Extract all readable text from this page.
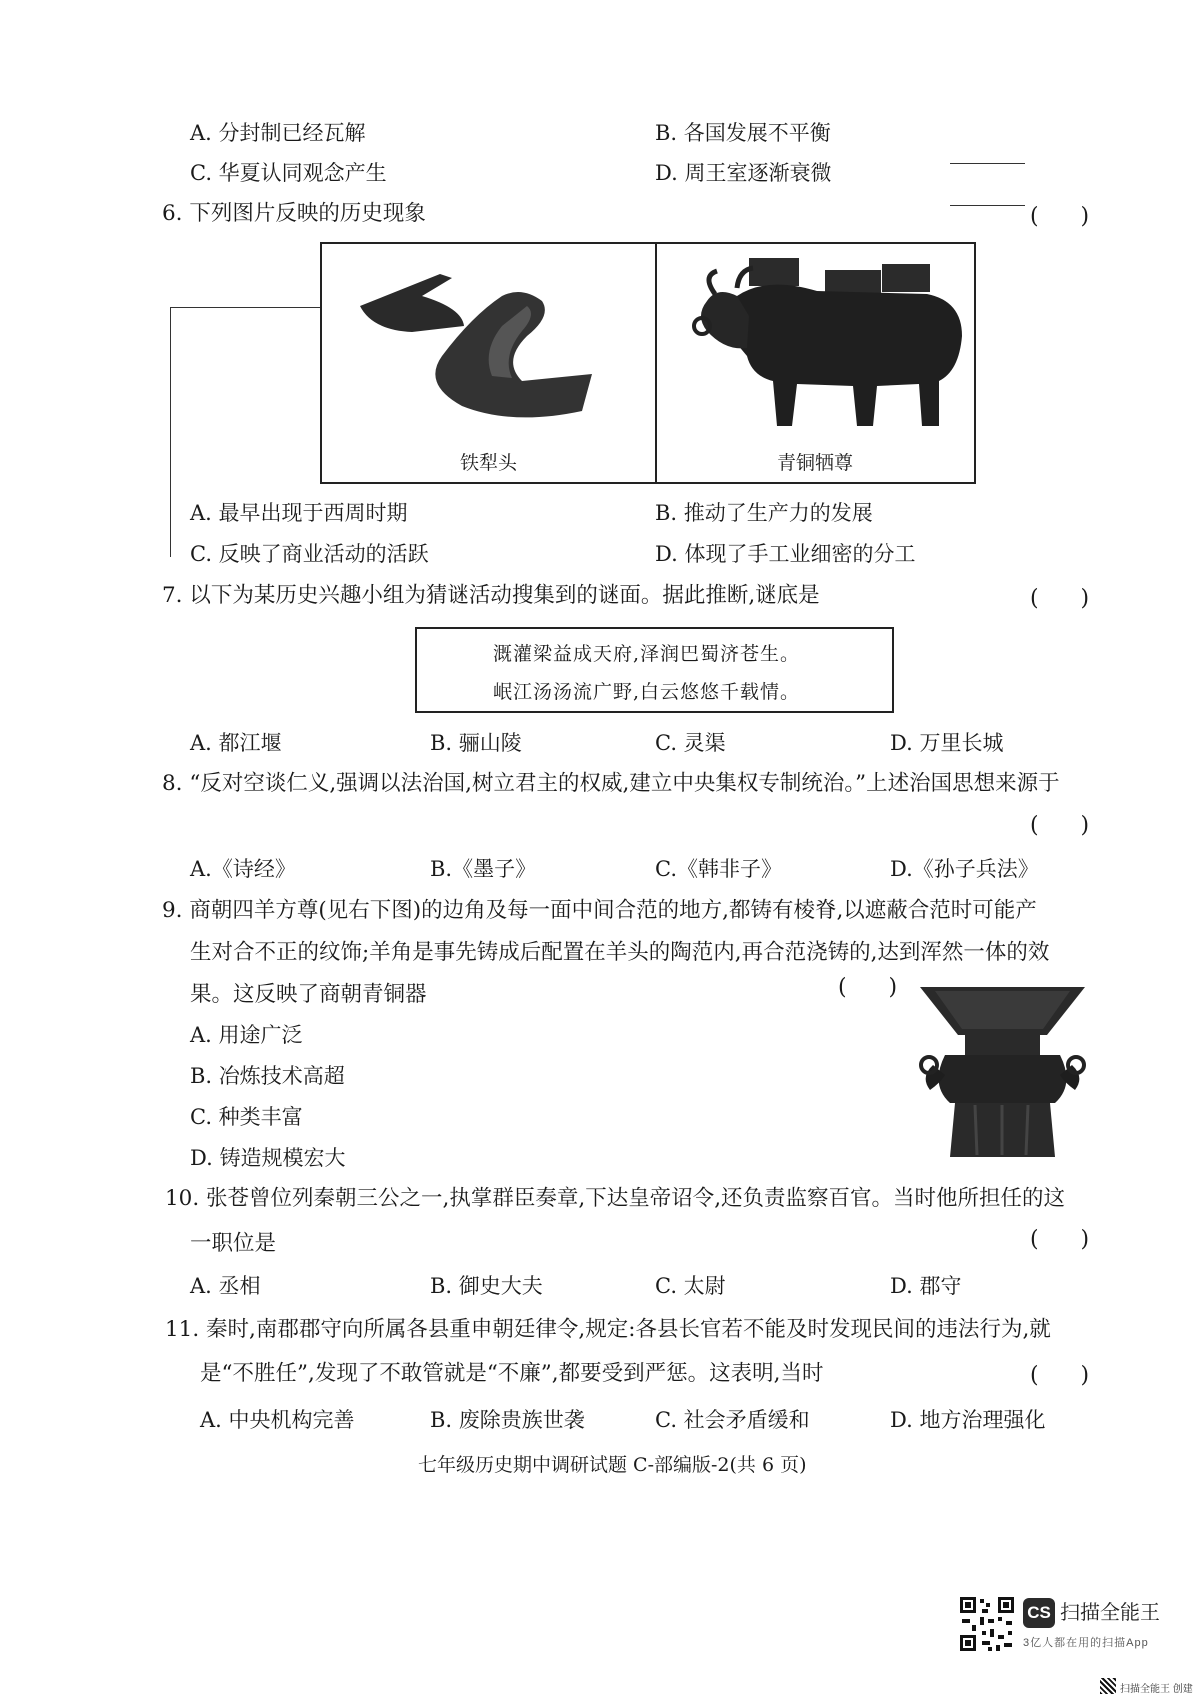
A. 分封制已经瓦解	B. 各国发展不平衡
C. 华夏认同观念产生	D. 周王室逐渐衰微
6. 下列图片反映的历史现象	(      )
铁犁头	青铜牺尊
A. 最早出现于西周时期	B. 推动了生产力的发展
C. 反映了商业活动的活跃	D. 体现了手工业细密的分工
7. 以下为某历史兴趣小组为猜谜活动搜集到的谜面。据此推断,谜底是	(      )
溉灌梁益成天府,泽润巴蜀济苍生。
岷江汤汤流广野,白云悠悠千载情。
A. 都江堰	B. 骊山陵	C. 灵渠	D. 万里长城
8. “反对空谈仁义,强调以法治国,树立君主的权威,建立中央集权专制统治。”上述治国思想来源于
(      )
A.《诗经》	B.《墨子》	C.《韩非子》	D.《孙子兵法》
9. 商朝四羊方尊(见右下图)的边角及每一面中间合范的地方,都铸有棱脊,以遮蔽合范时可能产
生对合不正的纹饰;羊角是事先铸成后配置在羊头的陶范内,再合范浇铸的,达到浑然一体的效
果。这反映了商朝青铜器	(      )
A. 用途广泛
B. 冶炼技术高超
C. 种类丰富
D. 铸造规模宏大
10. 张苍曾位列秦朝三公之一,执掌群臣奏章,下达皇帝诏令,还负责监察百官。当时他所担任的这
一职位是	(      )
A. 丞相	B. 御史大夫	C. 太尉	D. 郡守
11. 秦时,南郡郡守向所属各县重申朝廷律令,规定:各县长官若不能及时发现民间的违法行为,就
是“不胜任”,发现了不敢管就是“不廉”,都要受到严惩。这表明,当时	(      )
A. 中央机构完善	B. 废除贵族世袭	C. 社会矛盾缓和	D. 地方治理强化
七年级历史期中调研试题 C-部编版-2(共 6 页)
CS 扫描全能王
3亿人都在用的扫描App
扫描全能王 创建
